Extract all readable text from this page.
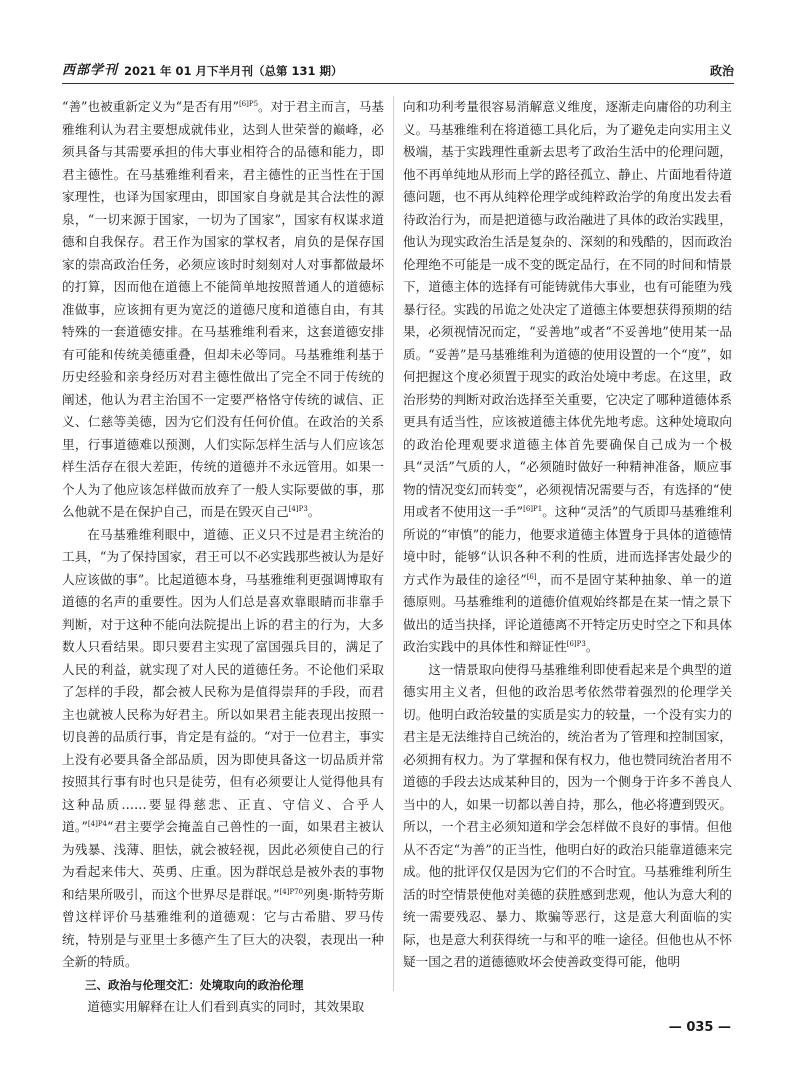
西部学刊 2021 年 01 月下半月刊（总第 131 期）	政治

“善”也被重新定义为“是否有用”$^{[6]P5}$。对于君主而言，马基雅维利认为君主要想成就伟业，达到人世荣誉的巅峰，必须具备与其需要承担的伟大事业相符合的品德和能力，即君主德性。在马基雅维利看来，君主德性的正当性在于国家理性，也译为国家理由，即国家自身就是其合法性的源泉，“一切来源于国家，一切为了国家”，国家有权谋求道德和自我保存。君王作为国家的掌权者，肩负的是保存国家的崇高政治任务，必须应该时时刻刻对人对事都做最坏的打算，因而他在道德上不能简单地按照普通人的道德标准做事，应该拥有更为宽泛的道德尺度和道德自由，有其特殊的一套道德安排。在马基雅维利看来，这套道德安排有可能和传统美德重叠，但却未必等同。马基雅维利基于历史经验和亲身经历对君主德性做出了完全不同于传统的阐述，他认为君主治国不一定要严格恪守传统的诚信、正义、仁慈等美德，因为它们没有任何价值。在政治的关系里，行事道德难以预测，人们实际怎样生活与人们应该怎样生活存在很大差距，传统的道德并不永远管用。如果一个人为了他应该怎样做而放弃了一般人实际要做的事，那么他就不是在保护自己，而是在毁灭自己$^{[4]P3}$。

在马基雅维利眼中，道德、正义只不过是君主统治的工具，“为了保持国家，君王可以不必实践那些被认为是好人应该做的事”。比起道德本身，马基雅维利更强调博取有道德的名声的重要性。因为人们总是喜欢靠眼睛而非靠手判断，对于这种不能向法院提出上诉的君主的行为，大多数人只看结果。即只要君主实现了富国强兵目的，满足了人民的利益，就实现了对人民的道德任务。不论他们采取了怎样的手段，都会被人民称为是值得崇拜的手段，而君主也就被人民称为好君主。所以如果君主能表现出按照一切良善的品质行事，肯定是有益的。“对于一位君主，事实上没有必要具备全部品质，因为即使具备这一切品质并常按照其行事有时也只是徒劳，但有必须要让人觉得他具有这种品质……要显得慈悲、正直、守信义、合乎人道。”$^{[4]P4}$“君主要学会掩盖自己兽性的一面，如果君主被认为残暴、浅薄、胆怯，就会被轻视，因此必须使自己的行为看起来伟大、英勇、庄重。因为群氓总是被外表的事物和结果所吸引，而这个世界尽是群氓。”$^{[4]P70}$列奥·斯特劳斯曾这样评价马基雅维利的道德观：它与古希腊、罗马传统，特别是与亚里士多德产生了巨大的决裂，表现出一种全新的特质。

三、政治与伦理交汇：处境取向的政治伦理

道德实用解释在让人们看到真实的同时，其效果取

向和功利考量很容易消解意义维度，逐渐走向庸俗的功利主义。马基雅维利在将道德工具化后，为了避免走向实用主义极端，基于实践理性重新去思考了政治生活中的伦理问题，他不再单纯地从形而上学的路径孤立、静止、片面地看待道德问题，也不再从纯粹伦理学或纯粹政治学的角度出发去看待政治行为，而是把道德与政治融进了具体的政治实践里，他认为现实政治生活是复杂的、深刻的和残酷的，因而政治伦理绝不可能是一成不变的既定品行，在不同的时间和情景下，道德主体的选择有可能铸就伟大事业，也有可能堕为残暴行径。实践的吊诡之处决定了道德主体要想获得预期的结果，必须视情况而定，“妥善地”或者“不妥善地”使用某一品质。“妥善”是马基雅维利为道德的使用设置的一个“度”，如何把握这个度必须置于现实的政治处境中考虑。在这里，政治形势的判断对政治选择至关重要，它决定了哪种道德体系更具有适当性，应该被道德主体优先地考虑。这种处境取向的政治伦理观要求道德主体首先要确保自己成为一个极具“灵活”气质的人，“必须随时做好一种精神准备，顺应事物的情况变幻而转变”，必须视情况需要与否，有选择的“使用或者不使用这一手”$^{[6]P1}$。这种“灵活”的气质即马基雅维利所说的“审慎”的能力，他要求道德主体置身于具体的道德情境中时，能够“认识各种不利的性质，进而选择害处最少的方式作为最佳的途径”[6]，而不是固守某种抽象、单一的道德原则。马基雅维利的道德价值观始终都是在某一情之景下做出的适当抉择，评论道德离不开特定历史时空之下和具体政治实践中的具体性和辩证性$^{[6]P3}$。

这一情景取向使得马基雅维利即使看起来是个典型的道德实用主义者，但他的政治思考依然带着强烈的伦理学关切。他明白政治较量的实质是实力的较量，一个没有实力的君主是无法维持自己统治的，统治者为了管理和控制国家，必须拥有权力。为了掌握和保有权力，他也赞同统治者用不道德的手段去达成某种目的，因为一个侧身于许多不善良人当中的人，如果一切都以善自持，那么，他必将遭到毁灭。所以，一个君主必须知道和学会怎样做不良好的事情。但他从不否定“为善”的正当性，他明白好的政治只能靠道德来完成。他的批评仅仅是因为它们的不合时宜。马基雅维利所生活的时空情景使他对美德的获胜感到悲观，他认为意大利的统一需要残忍、暴力、欺骗等恶行，这是意大利面临的实际，也是意大利获得统一与和平的唯一途径。但他也从不怀疑一国之君的道德德败坏会使善政变得可能，他明

— 035 —
